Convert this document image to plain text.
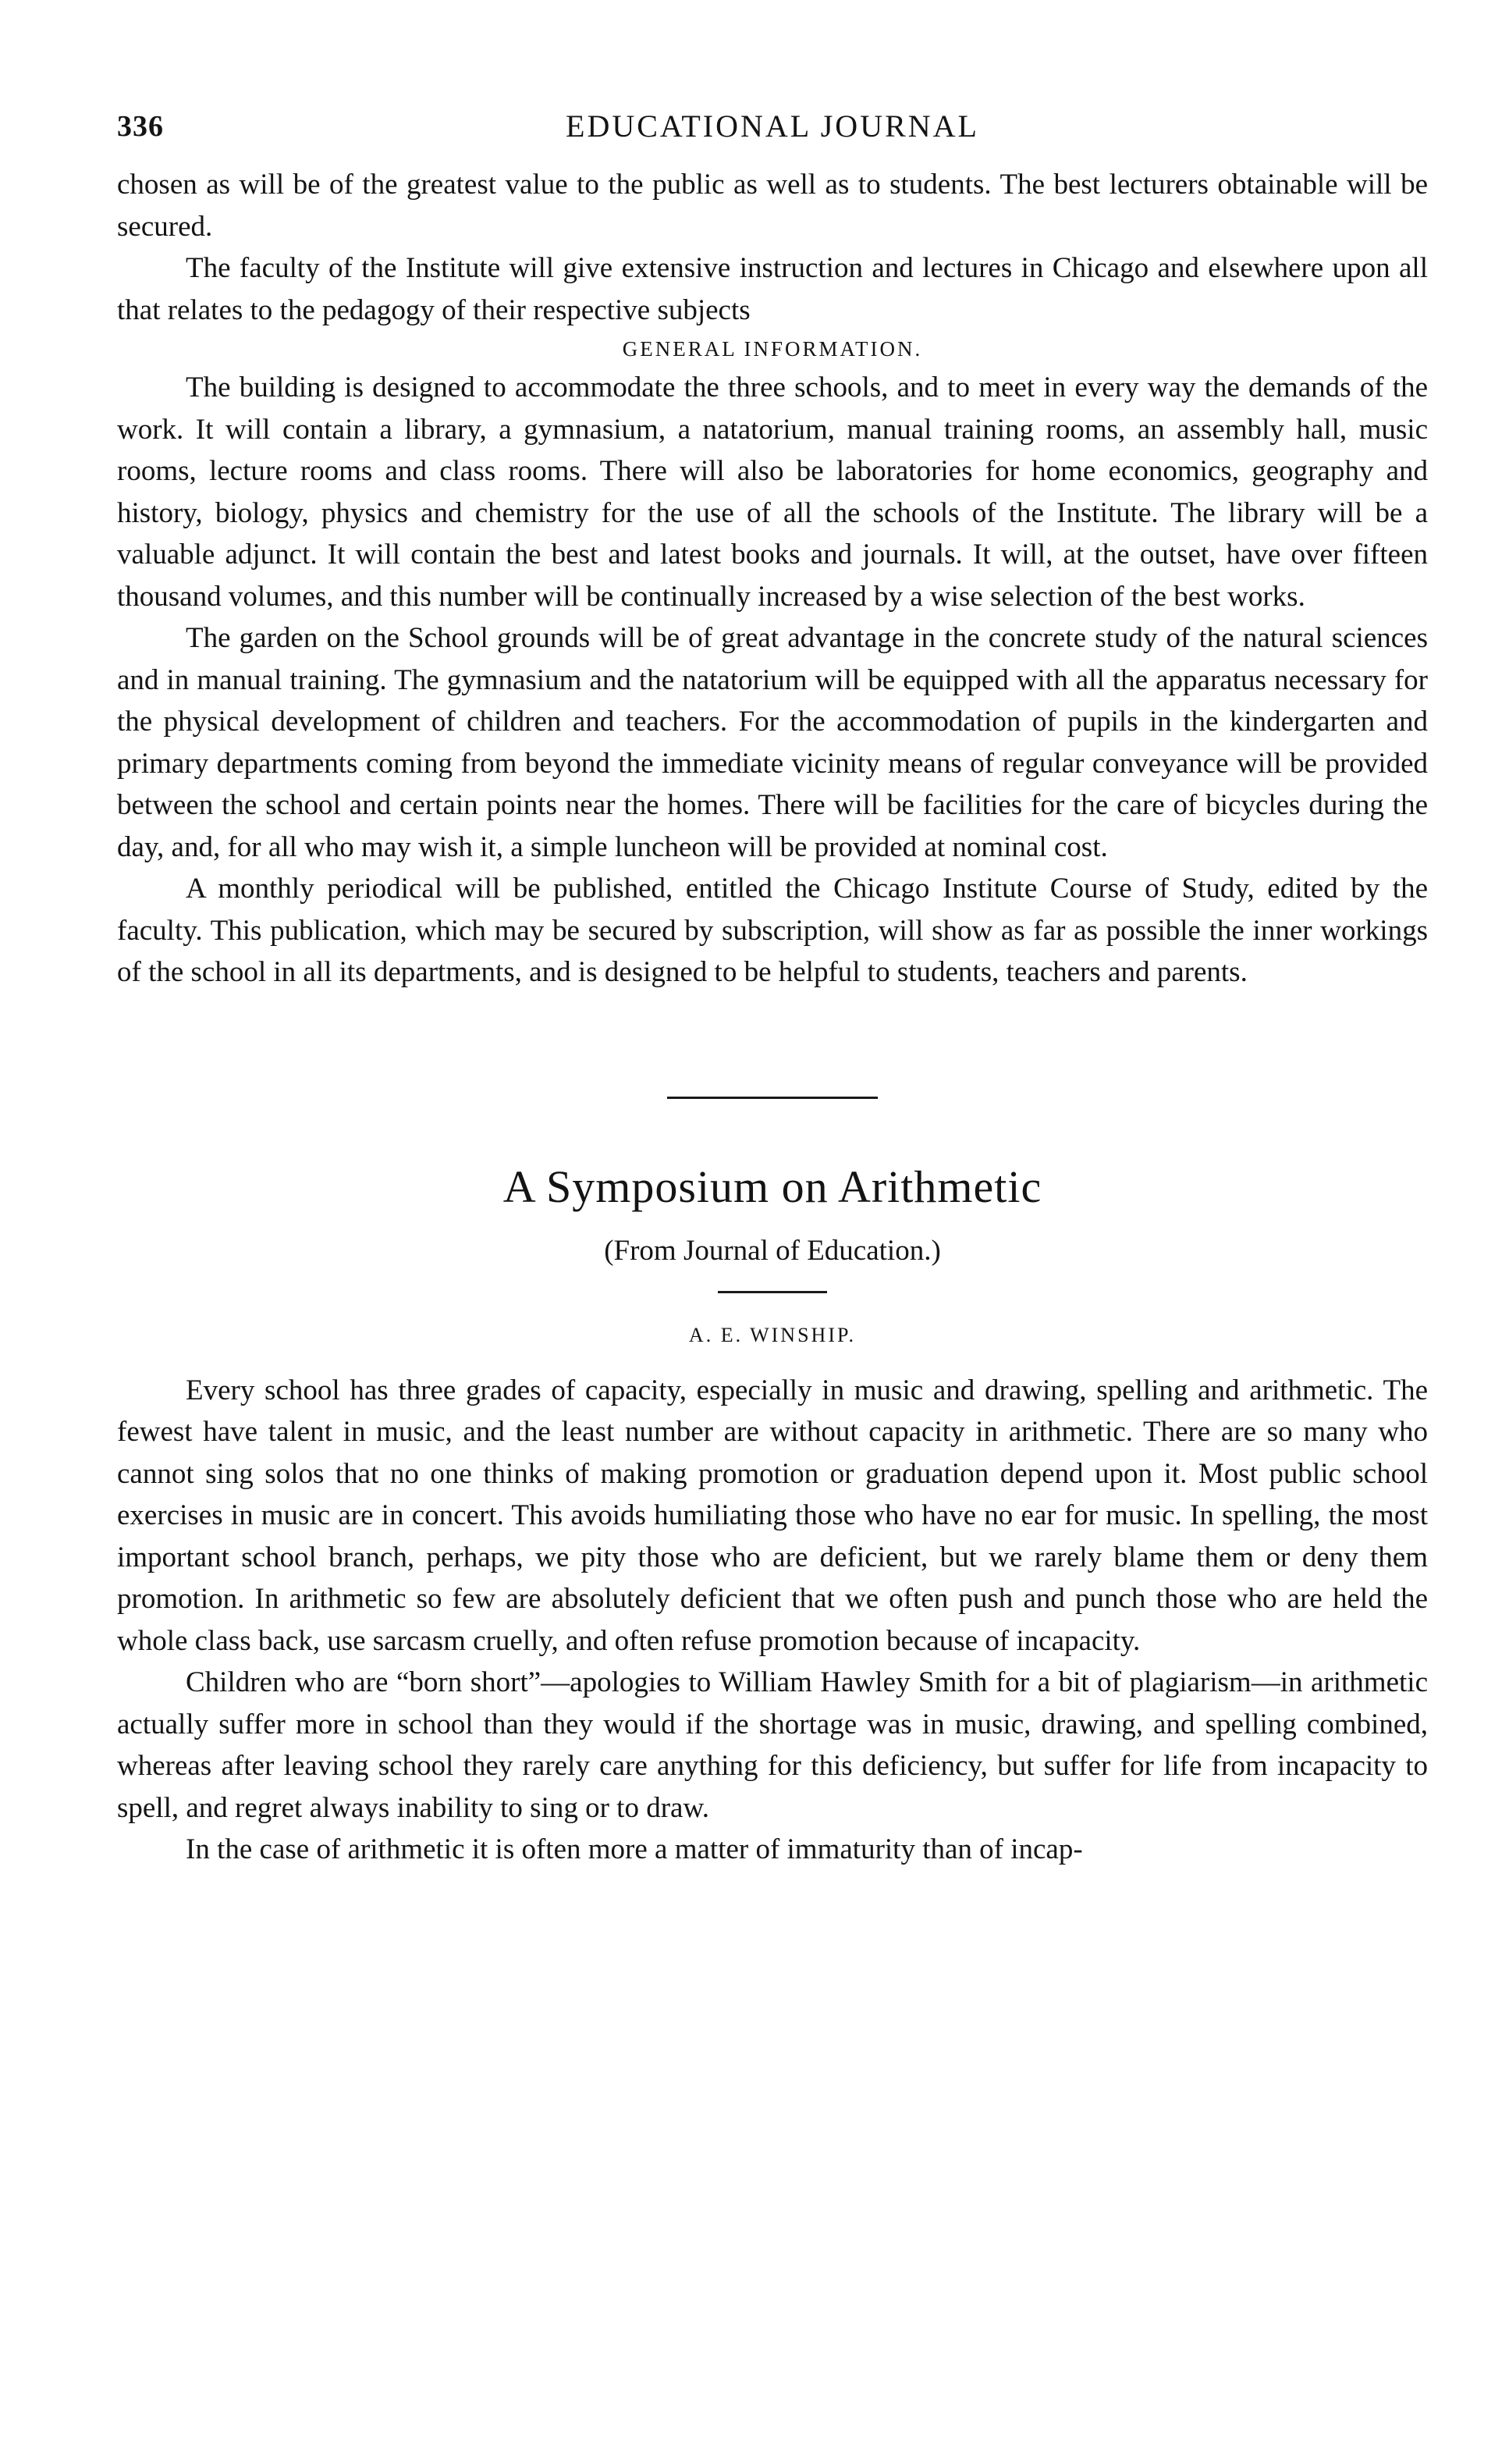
336	EDUCATIONAL JOURNAL

chosen as will be of the greatest value to the public as well as to students. The best lecturers obtainable will be secured.

The faculty of the Institute will give extensive instruction and lectures in Chicago and elsewhere upon all that relates to the pedagogy of their respective subjects

GENERAL INFORMATION.

The building is designed to accommodate the three schools, and to meet in every way the demands of the work. It will contain a library, a gymnasium, a natatorium, manual training rooms, an assembly hall, music rooms, lecture rooms and class rooms. There will also be laboratories for home economics, geography and history, biology, physics and chemistry for the use of all the schools of the Institute. The library will be a valuable adjunct. It will contain the best and latest books and journals. It will, at the outset, have over fifteen thousand volumes, and this number will be continually increased by a wise selection of the best works.

The garden on the School grounds will be of great advantage in the concrete study of the natural sciences and in manual training. The gymnasium and the natatorium will be equipped with all the apparatus necessary for the physical development of children and teachers. For the accommodation of pupils in the kindergarten and primary departments coming from beyond the immediate vicinity means of regular conveyance will be provided between the school and certain points near the homes. There will be facilities for the care of bicycles during the day, and, for all who may wish it, a simple luncheon will be provided at nominal cost.

A monthly periodical will be published, entitled the Chicago Institute Course of Study, edited by the faculty. This publication, which may be secured by subscription, will show as far as possible the inner workings of the school in all its departments, and is designed to be helpful to students, teachers and parents.

A Symposium on Arithmetic

(From Journal of Education.)

A. E. WINSHIP.

Every school has three grades of capacity, especially in music and drawing, spelling and arithmetic. The fewest have talent in music, and the least number are without capacity in arithmetic. There are so many who cannot sing solos that no one thinks of making promotion or graduation depend upon it. Most public school exercises in music are in concert. This avoids humiliating those who have no ear for music. In spelling, the most important school branch, perhaps, we pity those who are deficient, but we rarely blame them or deny them promotion. In arithmetic so few are absolutely deficient that we often push and punch those who are held the whole class back, use sarcasm cruelly, and often refuse promotion because of incapacity.

Children who are “born short”—apologies to William Hawley Smith for a bit of plagiarism—in arithmetic actually suffer more in school than they would if the shortage was in music, drawing, and spelling combined, whereas after leaving school they rarely care anything for this deficiency, but suffer for life from incapacity to spell, and regret always inability to sing or to draw.

In the case of arithmetic it is often more a matter of immaturity than of incap-
